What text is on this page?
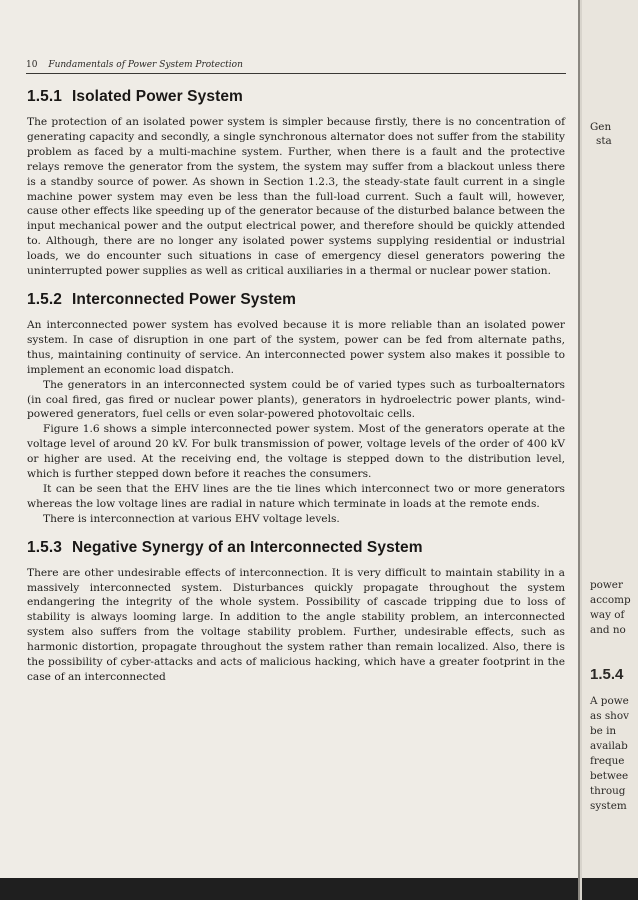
10 Fundamentals of Power System Protection
1.5.1 Isolated Power System

The protection of an isolated power system is simpler because firstly, there is no concentration of generating capacity and secondly, a single synchronous alternator does not suffer from the stability problem as faced by a multi-machine system. Further, when there is a fault and the protective relays remove the generator from the system, the system may suffer from a blackout unless there is a standby source of power. As shown in Section 1.2.3, the steady-state fault current in a single machine power system may even be less than the full-load current. Such a fault will, however, cause other effects like speeding up of the generator because of the disturbed balance between the input mechanical power and the output electrical power, and therefore should be quickly attended to. Although, there are no longer any isolated power systems supplying residential or industrial loads, we do encounter such situations in case of emergency diesel generators powering the uninterrupted power supplies as well as critical auxiliaries in a thermal or nuclear power station.

1.5.2 Interconnected Power System

An interconnected power system has evolved because it is more reliable than an isolated power system. In case of disruption in one part of the system, power can be fed from alternate paths, thus, maintaining continuity of service. An interconnected power system also makes it possible to implement an economic load dispatch.

The generators in an interconnected system could be of varied types such as turboalternators (in coal fired, gas fired or nuclear power plants), generators in hydroelectric power plants, wind-powered generators, fuel cells or even solar-powered photovoltaic cells.

Figure 1.6 shows a simple interconnected power system. Most of the generators operate at the voltage level of around 20 kV. For bulk transmission of power, voltage levels of the order of 400 kV or higher are used. At the receiving end, the voltage is stepped down to the distribution level, which is further stepped down before it reaches the consumers.

It can be seen that the EHV lines are the tie lines which interconnect two or more generators whereas the low voltage lines are radial in nature which terminate in loads at the remote ends.

There is interconnection at various EHV voltage levels.

1.5.3 Negative Synergy of an Interconnected System

There are other undesirable effects of interconnection. It is very difficult to maintain stability in a massively interconnected system. Disturbances quickly propagate throughout the system endangering the integrity of the whole system. Possibility of cascade tripping due to loss of stability is always looming large. In addition to the angle stability problem, an interconnected system also suffers from the voltage stability problem. Further, undesirable effects, such as harmonic distortion, propagate throughout the system rather than remain localized. Also, there is the possibility of cyber-attacks and acts of malicious hacking, which have a greater footprint in the case of an interconnected

Gen
sta
power
accomp
way of
and no
1.5.4
A powe
as shov
be in
availab
freque
betwee
throug
system
